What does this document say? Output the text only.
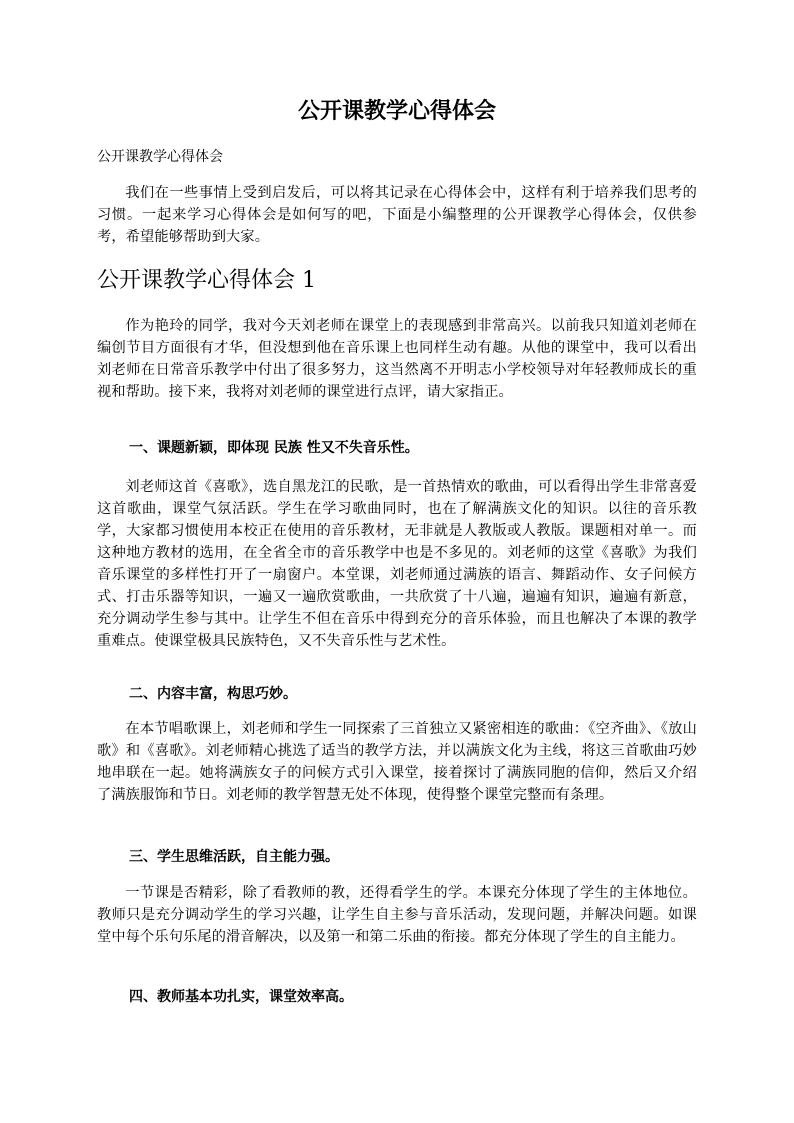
公开课教学心得体会

公开课教学心得体会

我们在一些事情上受到启发后，可以将其记录在心得体会中，这样有利于培养我们思考的习惯。一起来学习心得体会是如何写的吧，下面是小编整理的公开课教学心得体会，仅供参考，希望能够帮助到大家。

公开课教学心得体会 1

作为艳玲的同学，我对今天刘老师在课堂上的表现感到非常高兴。以前我只知道刘老师在编创节目方面很有才华，但没想到他在音乐课上也同样生动有趣。从他的课堂中，我可以看出刘老师在日常音乐教学中付出了很多努力，这当然离不开明志小学校领导对年轻教师成长的重视和帮助。接下来，我将对刘老师的课堂进行点评，请大家指正。

一、课题新颖，即体现 民族 性又不失音乐性。

刘老师这首《喜歌》，选自黑龙江的民歌，是一首热情欢的歌曲，可以看得出学生非常喜爱这首歌曲，课堂气氛活跃。学生在学习歌曲同时，也在了解满族文化的知识。以往的音乐教学，大家都习惯使用本校正在使用的音乐教材，无非就是人教版或人教版。课题相对单一。而这种地方教材的选用，在全省全市的音乐教学中也是不多见的。刘老师的这堂《喜歌》为我们音乐课堂的多样性打开了一扇窗户。本堂课，刘老师通过满族的语言、舞蹈动作、女子问候方式、打击乐器等知识，一遍又一遍欣赏歌曲，一共欣赏了十八遍，遍遍有知识，遍遍有新意，充分调动学生参与其中。让学生不但在音乐中得到充分的音乐体验，而且也解决了本课的教学重难点。使课堂极具民族特色，又不失音乐性与艺术性。

二、内容丰富，构思巧妙。

在本节唱歌课上，刘老师和学生一同探索了三首独立又紧密相连的歌曲：《空齐曲》、《放山歌》和《喜歌》。刘老师精心挑选了适当的教学方法，并以满族文化为主线，将这三首歌曲巧妙地串联在一起。她将满族女子的问候方式引入课堂，接着探讨了满族同胞的信仰，然后又介绍了满族服饰和节日。刘老师的教学智慧无处不体现，使得整个课堂完整而有条理。

三、学生思维活跃，自主能力强。

一节课是否精彩，除了看教师的教，还得看学生的学。本课充分体现了学生的主体地位。教师只是充分调动学生的学习兴趣，让学生自主参与音乐活动，发现问题，并解决问题。如课堂中每个乐句乐尾的滑音解决，以及第一和第二乐曲的衔接。都充分体现了学生的自主能力。

四、教师基本功扎实，课堂效率高。
